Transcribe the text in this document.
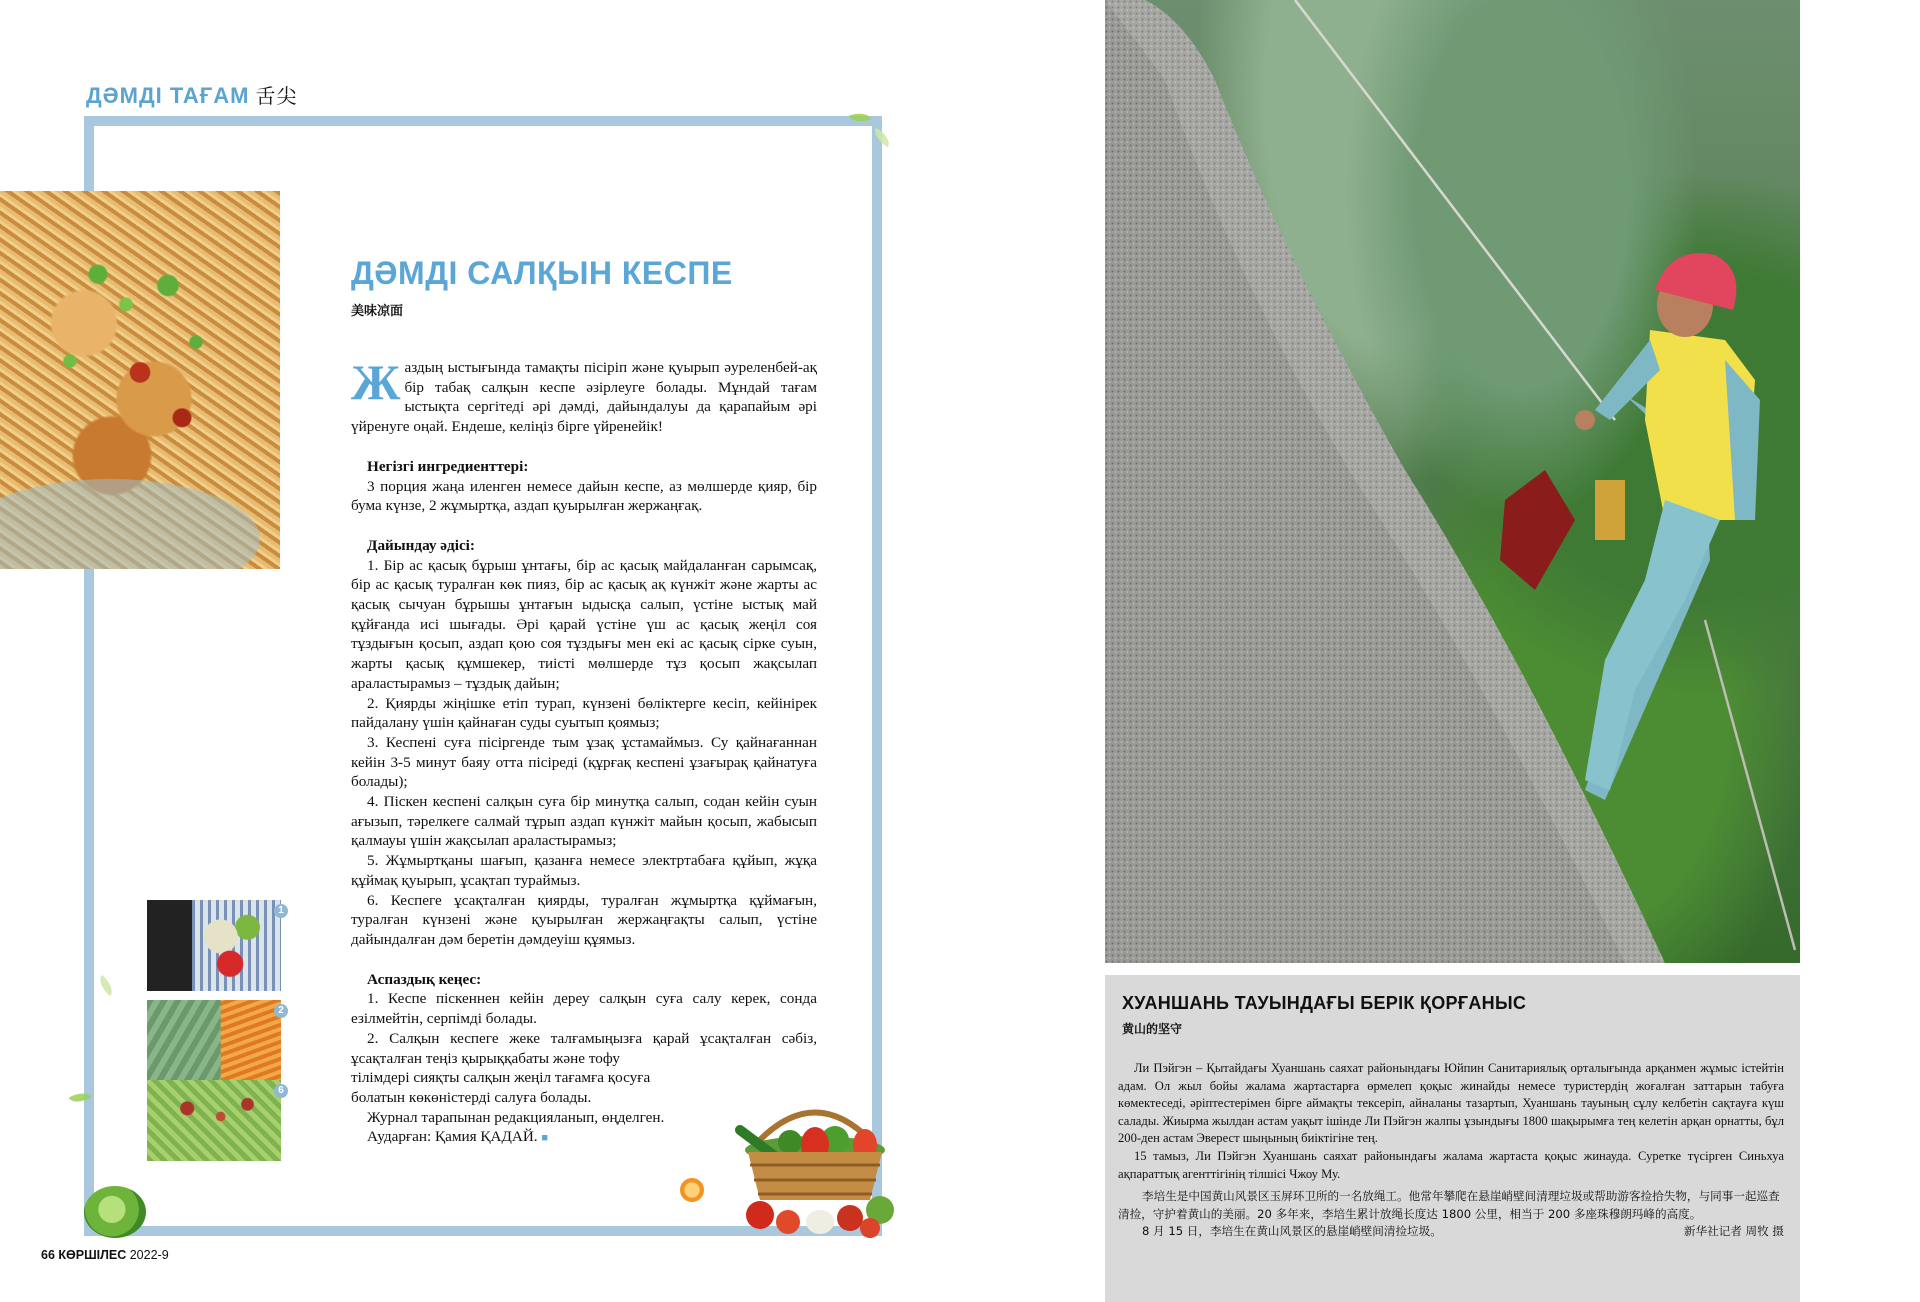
ДӘМДІ ТАҒАМ 舌尖
ДӘМДІ САЛҚЫН КЕСПЕ
美味凉面

Жаздың ыстығында тамақты пісіріп және қуырып әуреленбей-ақ бір табақ салқын кеспе әзірлеуге болады. Мұндай тағам ыстықта сергітеді әрі дәмді, дайындалуы да қарапайым әрі үйренуге оңай. Ендеше, келіңіз бірге үйренейік!

Негізгі ингредиенттері:

3 порция жаңа иленген немесе дайын кеспе, аз мөлшерде қияр, бір бума күнзе, 2 жұмыртқа, аздап қуырылған жержаңғақ.

Дайындау әдісі:

1. Бір ас қасық бұрыш ұнтағы, бір ас қасық майдаланған сарымсақ, бір ас қасық туралған көк пияз, бір ас қасық ақ күнжіт және жарты ас қасық сычуан бұрышы ұнтағын ыдысқа салып, үстіне ыстық май құйғанда исі шығады. Әрі қарай үстіне үш ас қасық жеңіл соя тұздығын қосып, аздап қою соя тұздығы мен екі ас қасық сірке суын, жарты қасық құмшекер, тиісті мөлшерде тұз қосып жақсылап араластырамыз – тұздық дайын;

2. Қиярды жіңішке етіп турап, күнзені бөліктерге кесіп, кейінірек пайдалану үшін қайнаған суды суытып қоямыз;

3. Кеспені суға пісіргенде тым ұзақ ұстамаймыз. Су қайнағаннан кейін 3-5 минут баяу отта пісіреді (құрғақ кеспені ұзағырақ қайнатуға болады);

4. Піскен кеспені салқын суға бір минутқа салып, содан кейін суын ағызып, тәрелкеге салмай тұрып аздап күнжіт майын қосып, жабысып қалмауы үшін жақсылап араластырамыз;

5. Жұмыртқаны шағып, қазанға немесе электртабаға құйып, жұқа құймақ қуырып, ұсақтап тураймыз.

6. Кеспеге ұсақталған қиярды, туралған жұмыртқа құймағын, туралған күнзені және қуырылған жержаңғақты салып, үстіне дайындалған дәм беретін дәмдеуіш құямыз.

Аспаздық кеңес:

1. Кеспе піскеннен кейін дереу салқын суға салу керек, сонда езілмейтін, серпімді болады.

2. Салқын кеспеге жеке талғамыңызға қарай ұсақталған сәбіз, ұсақталған теңіз қырыққабаты және тофу

тілімдері сияқты салқын жеңіл тағамға қосуға

болатын көкөністерді салуға болады.

Журнал тарапынан редакцияланып, өңделген.

Аударған: Қамия ҚАДАЙ. ■

1
2
6
66 КӨРШІЛЕС 2022-9
ХУАНШАНЬ ТАУЫНДАҒЫ БЕРІК ҚОРҒАНЫС
黄山的坚守

Ли Пэйгэн – Қытайдағы Хуаншань саяхат районындағы Юйпин Санитариялық орталығында арқанмен жұмыс істейтін адам. Ол жыл бойы жалама жартастарға өрмелеп қоқыс жинайды немесе туристердің жоғалған заттарын табуға көмектеседі, әріптестерімен бірге аймақты тексеріп, айналаны тазартып, Хуаншань тауының сұлу келбетін сақтауға күш салады. Жиырма жылдан астам уақыт ішінде Ли Пэйгэн жалпы ұзындығы 1800 шақырымға тең келетін арқан орнатты, бұл 200-ден астам Эверест шыңының биіктігіне тең.

15 тамыз, Ли Пэйгэн Хуаншань саяхат районындағы жалама жартаста қоқыс жинауда. Суретке түсірген Синьхуа ақпараттық агенттігінің тілшісі Чжоу Му.

李培生是中国黄山风景区玉屏环卫所的一名放绳工。他常年攀爬在悬崖峭壁间清理垃圾或帮助游客捡拾失物，与同事一起巡查清捡，守护着黄山的美丽。20 多年来，李培生累计放绳长度达 1800 公里，相当于 200 多座珠穆朗玛峰的高度。

8 月 15 日，李培生在黄山风景区的悬崖峭壁间清捡垃圾。	新华社记者 周牧 摄
